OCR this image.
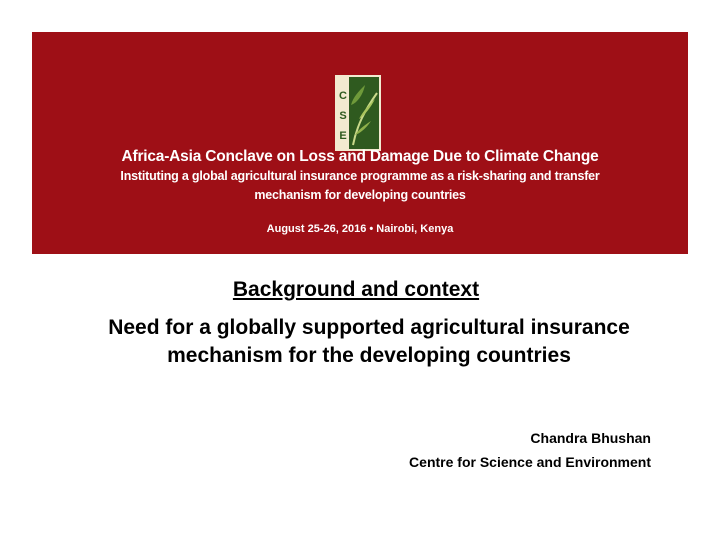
C
S
E
Africa-Asia Conclave on Loss and Damage Due to Climate Change
Instituting a global agricultural insurance programme as a risk-sharing and transfer
mechanism for developing countries
August 25-26, 2016 • Nairobi, Kenya
Background and context
Need for a globally supported agricultural insurance mechanism for the developing countries
Chandra Bhushan
Centre for Science and Environment
